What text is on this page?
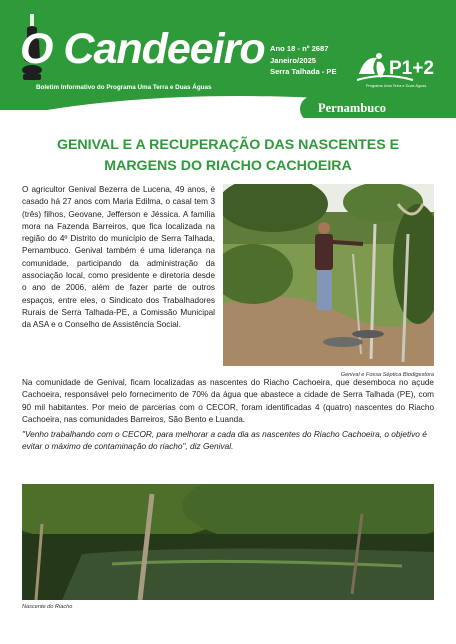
O Candeeiro
Boletim Informativo do Programa Uma Terra e Duas Águas
Ano 18 - nº 2687
Janeiro/2025
Serra Talhada - PE	P1+2
Programa Uma Terra e Duas Águas
Pernambuco
GENIVAL E A RECUPERAÇÃO DAS NASCENTES E
MARGENS DO RIACHO CACHOEIRA

O agricultor Genival Bezerra de Lucena, 49 anos, é casado há 27 anos com Maria Edilma, o casal tem 3 (três) filhos, Geovane, Jefferson e Jéssica. A família mora na Fazenda Barreiros, que fica localizada na região do 4º Distrito do município de Serra Talhada, Pernambuco. Genival também é uma liderança na comunidade, participando da administração da associação local, como presidente e diretoria desde o ano de 2006, além de fazer parte de outros espaços, entre eles, o Sindicato dos Trabalhadores Rurais de Serra Talhada-PE, a Comissão Municipal da ASA e o Conselho de Assistência Social.

Genival e Fossa Séptica Biodigestora

Na comunidade de Genival, ficam localizadas as nascentes do Riacho Cachoeira, que desemboca no açude Cachoeira, responsável pelo fornecimento de 70% da água que abastece a cidade de Serra Talhada (PE), com 90 mil habitantes. Por meio de parcerias com o CECOR, foram identificadas 4 (quatro) nascentes do Riacho Cachoeira, nas comunidades Barreiros, São Bento e Luanda.

"Venho trabalhando com o CECOR, para melhorar a cada dia as nascentes do Riacho Cachoeira, o objetivo é evitar o máximo de contaminação do riacho", diz Genival.

Nascente do Riacho
